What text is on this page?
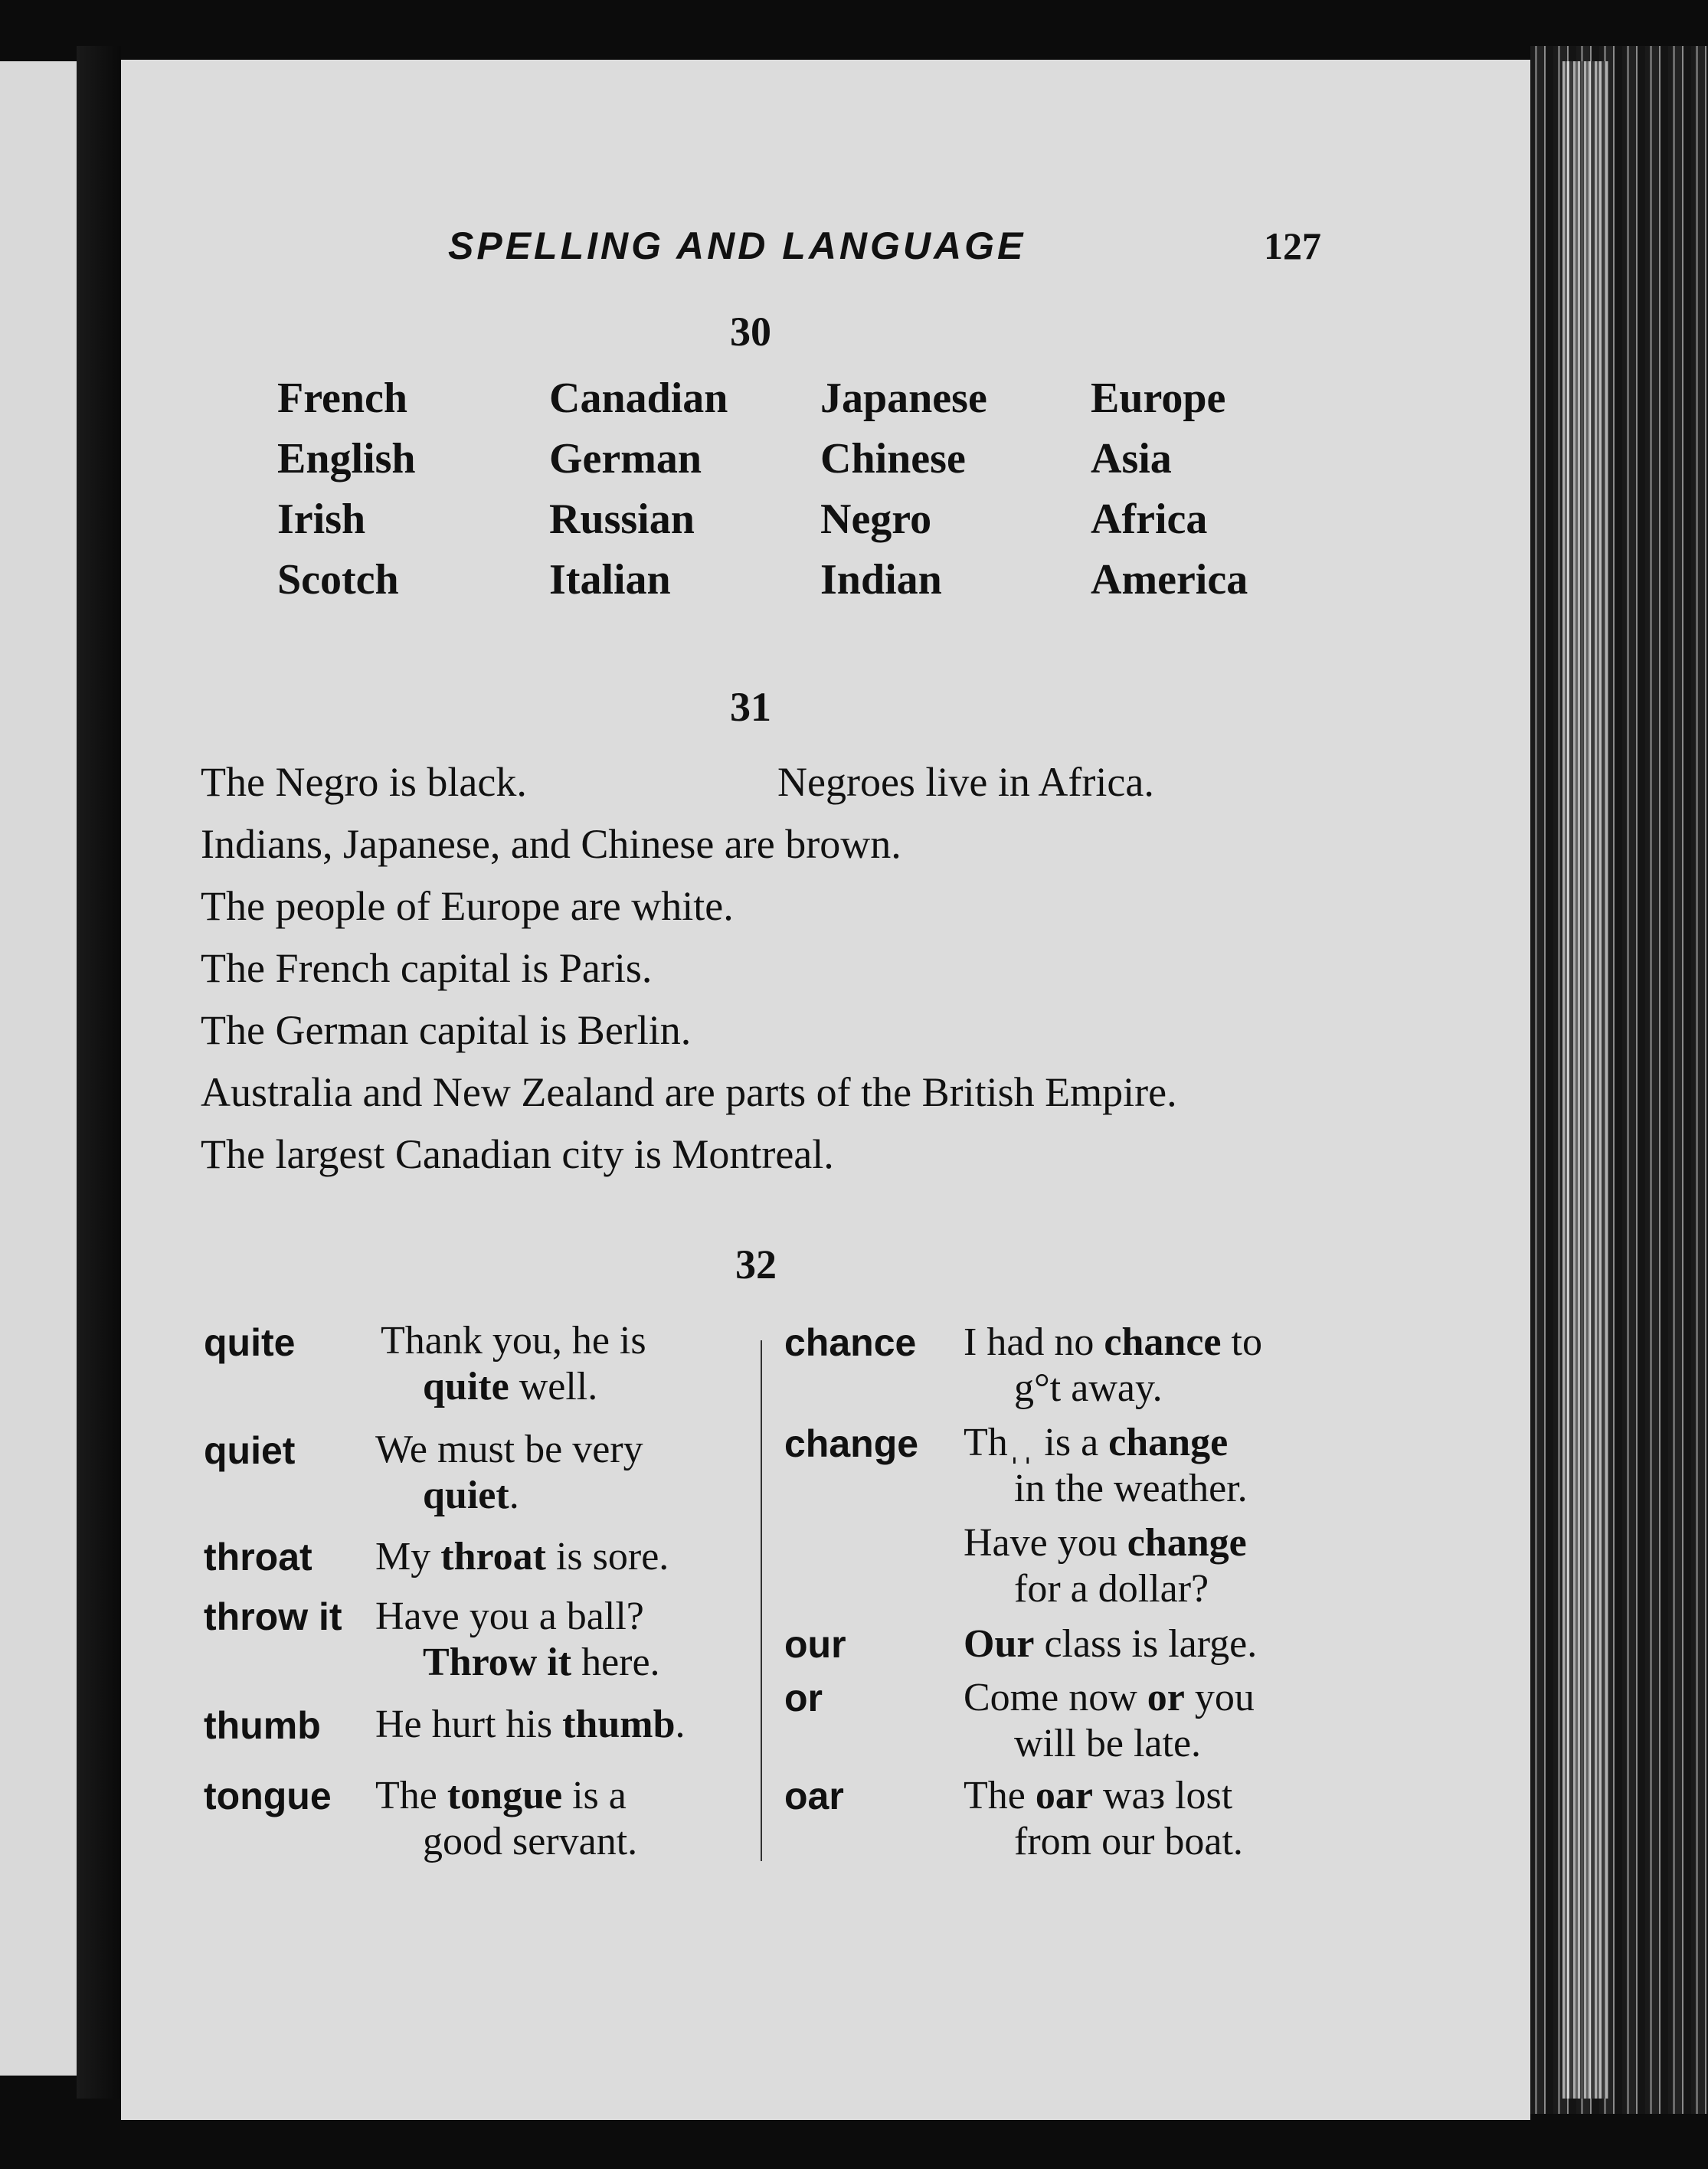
SPELLING AND LANGUAGE	127
30
French
English
Irish
Scotch
Canadian
German
Russian
Italian
Japanese
Chinese
Negro
Indian
Europe
Asia
Africa
America
31
The Negro is black.	Negroes live in Africa.
Indians, Japanese, and Chinese are brown.
The people of Europe are white.
The French capital is Paris.
The German capital is Berlin.
Australia and New Zealand are parts of the British Empire.
The largest Canadian city is Montreal.
32
quite
quiet
throat
throw it
thumb
tongue
Thank you, he is
quite well.
We must be very
quiet.
My throat is sore.
Have you a ball?
Throw it here.
He hurt his thumb.
The tongue is a
good servant.
chance
change
our
or
oar
I had no chance to
g°t away.
Thˌˌ is a change
in the weather.
Have you change
for a dollar?
Our class is large.
Come now or you
will be late.
The oar waз lost
from our boat.
